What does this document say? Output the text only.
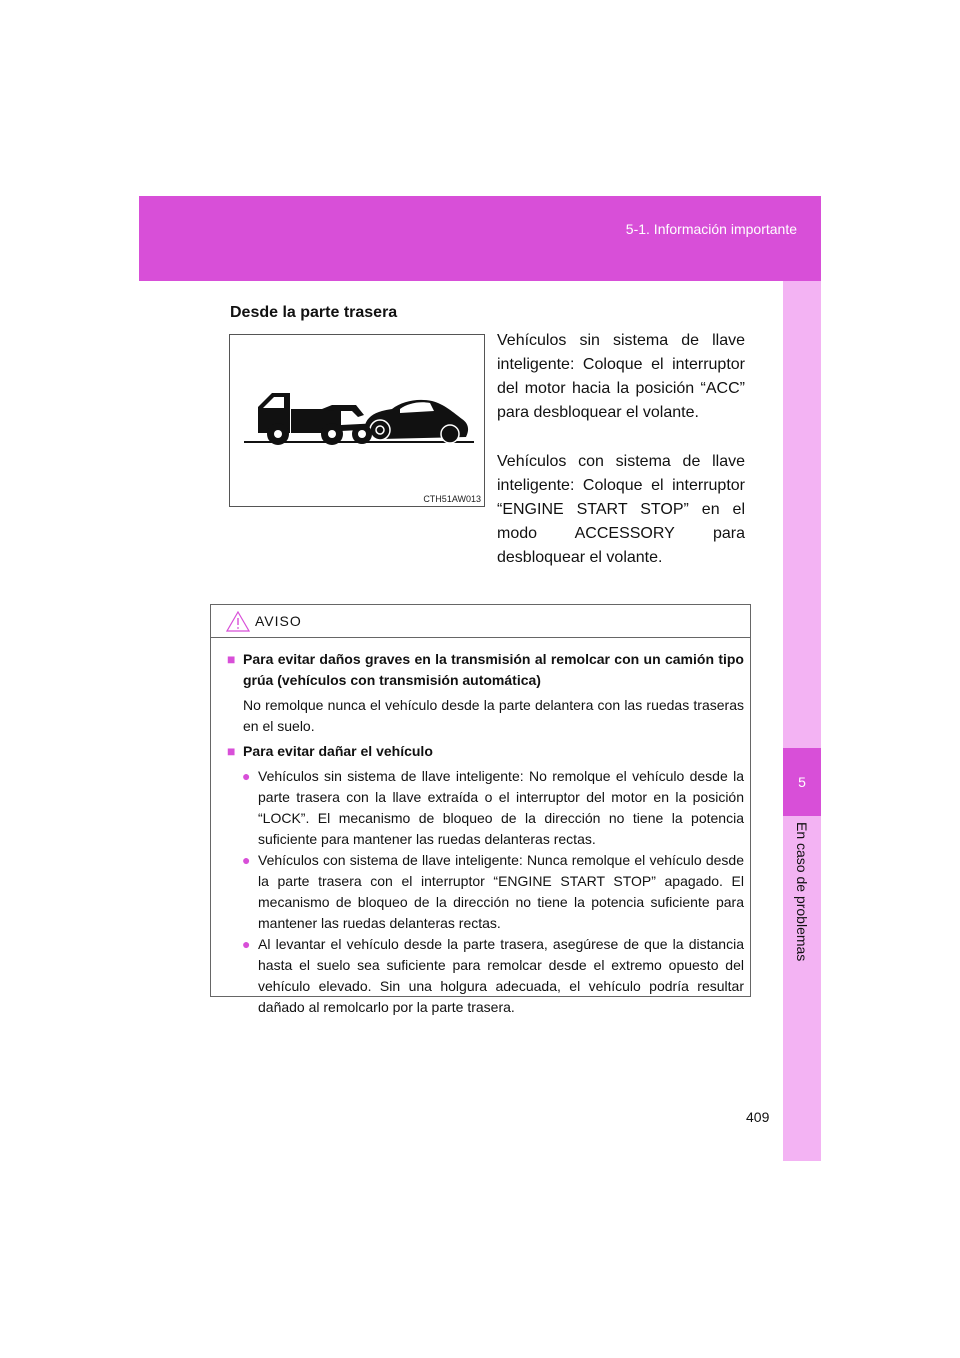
5-1. Información importante
5
En caso de problemas
Desde la parte trasera
CTH51AW013

Vehículos sin sistema de llave inteligente: Coloque el interruptor del motor hacia la posición “ACC” para desbloquear el volante.

Vehículos con sistema de llave inteligente: Coloque el interruptor “ENGINE START STOP” en el modo ACCESSORY para desbloquear el volante.

AVISO
■ Para evitar daños graves en la transmisión al remolcar con un camión tipo grúa (vehículos con transmisión automática)
No remolque nunca el vehículo desde la parte delantera con las ruedas traseras en el suelo.
■ Para evitar dañar el vehículo
● Vehículos sin sistema de llave inteligente: No remolque el vehículo desde la parte trasera con la llave extraída o el interruptor del motor en la posición “LOCK”. El mecanismo de bloqueo de la dirección no tiene la potencia suficiente para mantener las ruedas delanteras rectas.
● Vehículos con sistema de llave inteligente: Nunca remolque el vehículo desde la parte trasera con el interruptor “ENGINE START STOP” apagado. El mecanismo de bloqueo de la dirección no tiene la potencia suficiente para mantener las ruedas delanteras rectas.
● Al levantar el vehículo desde la parte trasera, asegúrese de que la distancia hasta el suelo sea suficiente para remolcar desde el extremo opuesto del vehículo elevado. Sin una holgura adecuada, el vehículo podría resultar dañado al remolcarlo por la parte trasera.
409
